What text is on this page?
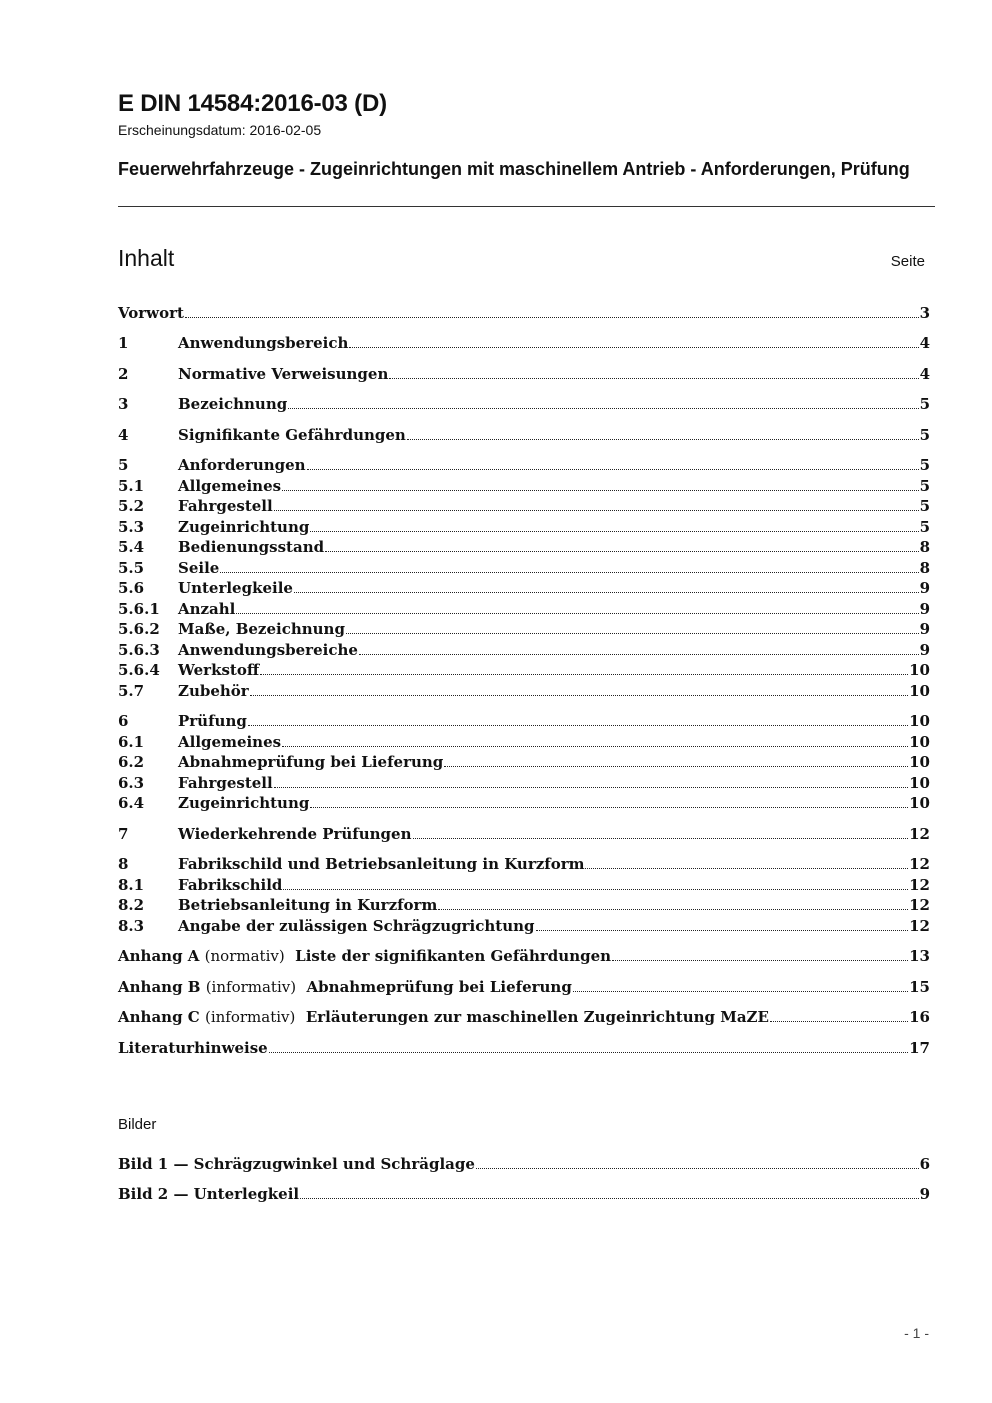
E DIN 14584:2016-03 (D)
Erscheinungsdatum: 2016-02-05
Feuerwehrfahrzeuge - Zugeinrichtungen mit maschinellem Antrieb - Anforderungen, Prüfung
Inhalt	Seite
Vorwort	3
1	Anwendungsbereich	4
2	Normative Verweisungen	4
3	Bezeichnung	5
4	Signifikante Gefährdungen	5
5	Anforderungen	5
5.1	Allgemeines	5
5.2	Fahrgestell	5
5.3	Zugeinrichtung	5
5.4	Bedienungsstand	8
5.5	Seile	8
5.6	Unterlegkeile	9
5.6.1	Anzahl	9
5.6.2	Maße, Bezeichnung	9
5.6.3	Anwendungsbereiche	9
5.6.4	Werkstoff	10
5.7	Zubehör	10
6	Prüfung	10
6.1	Allgemeines	10
6.2	Abnahmeprüfung bei Lieferung	10
6.3	Fahrgestell	10
6.4	Zugeinrichtung	10
7	Wiederkehrende Prüfungen	12
8	Fabrikschild und Betriebsanleitung in Kurzform	12
8.1	Fabrikschild	12
8.2	Betriebsanleitung in Kurzform	12
8.3	Angabe der zulässigen Schrägzugrichtung	12
Anhang A (normativ) Liste der signifikanten Gefährdungen	13
Anhang B (informativ) Abnahmeprüfung bei Lieferung	15
Anhang C (informativ) Erläuterungen zur maschinellen Zugeinrichtung MaZE	16
Literaturhinweise	17
Bilder
Bild 1 — Schrägzugwinkel und Schräglage	6
Bild 2 — Unterlegkeil	9
- 1 -
